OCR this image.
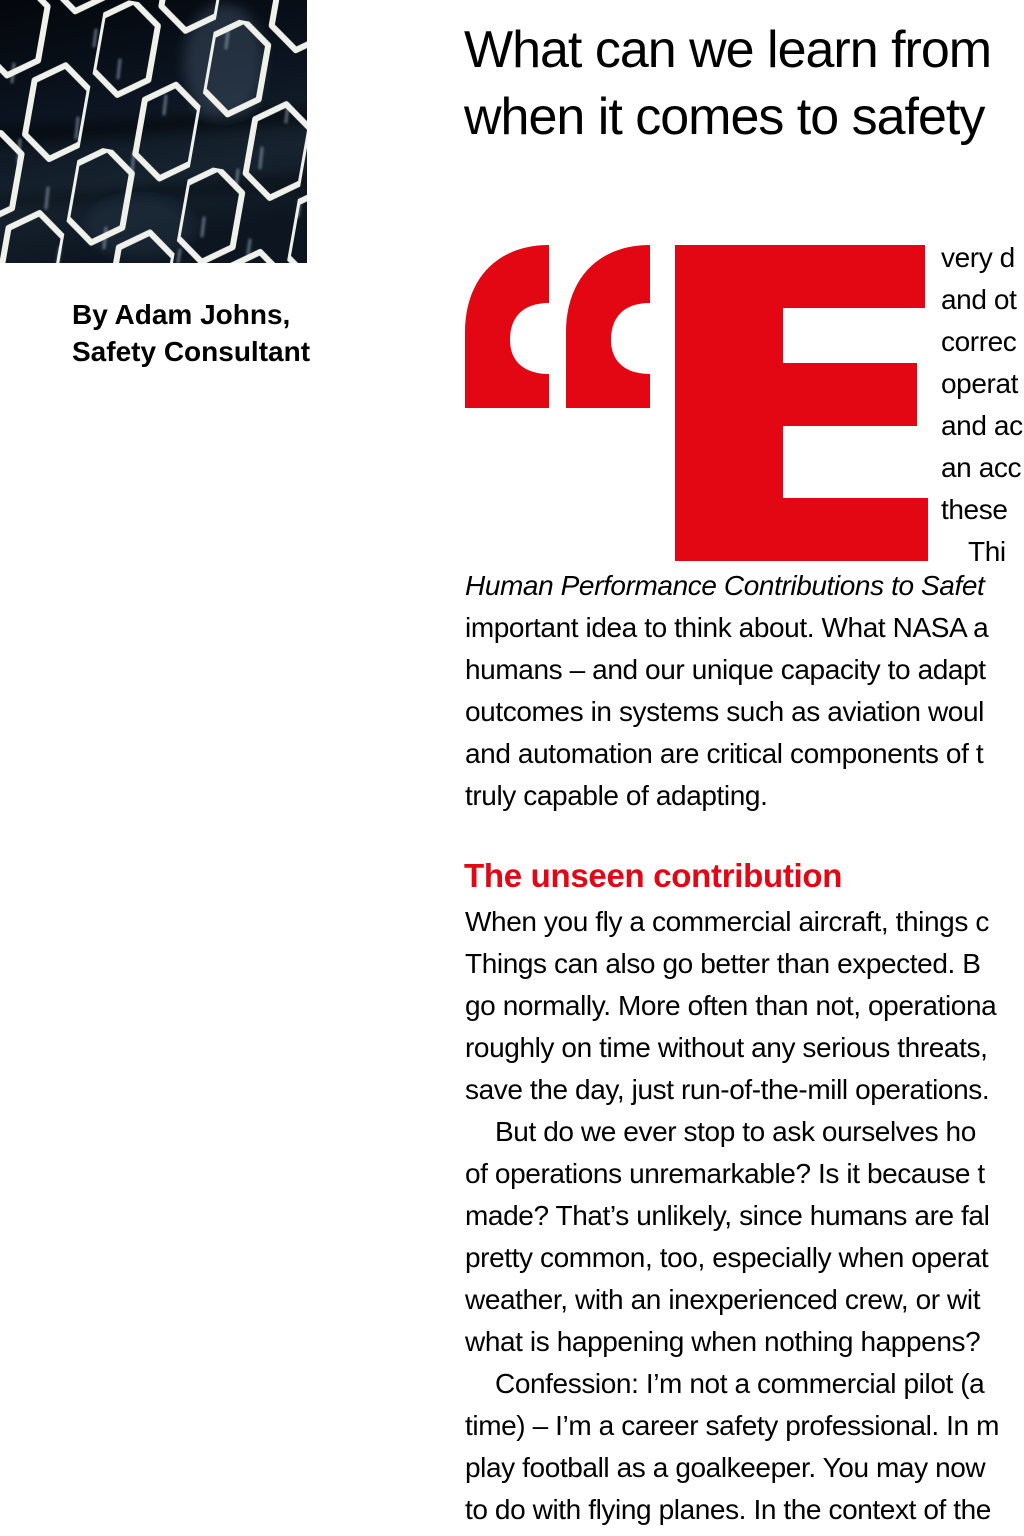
By Adam Johns,
Safety Consultant
What can we learn from
when it comes to safety
very d
and ot
correc
operat
and ac
an acc
these
Thi
Human Performance Contributions to Safet
important idea to think about. What NASA a
humans – and our unique capacity to adapt
outcomes in systems such as aviation woul
and automation are critical components of t
truly capable of adapting.
The unseen contribution
When you fly a commercial aircraft, things c
Things can also go better than expected. B
go normally. More often than not, operationa
roughly on time without any serious threats,
save the day, just run-of-the-mill operations.
But do we ever stop to ask ourselves ho
of operations unremarkable? Is it because t
made? That’s unlikely, since humans are fal
pretty common, too, especially when operat
weather, with an inexperienced crew, or wit
what is happening when nothing happens?
Confession: I’m not a commercial pilot (a
time) – I’m a career safety professional. In m
play football as a goalkeeper. You may now
to do with flying planes. In the context of the
